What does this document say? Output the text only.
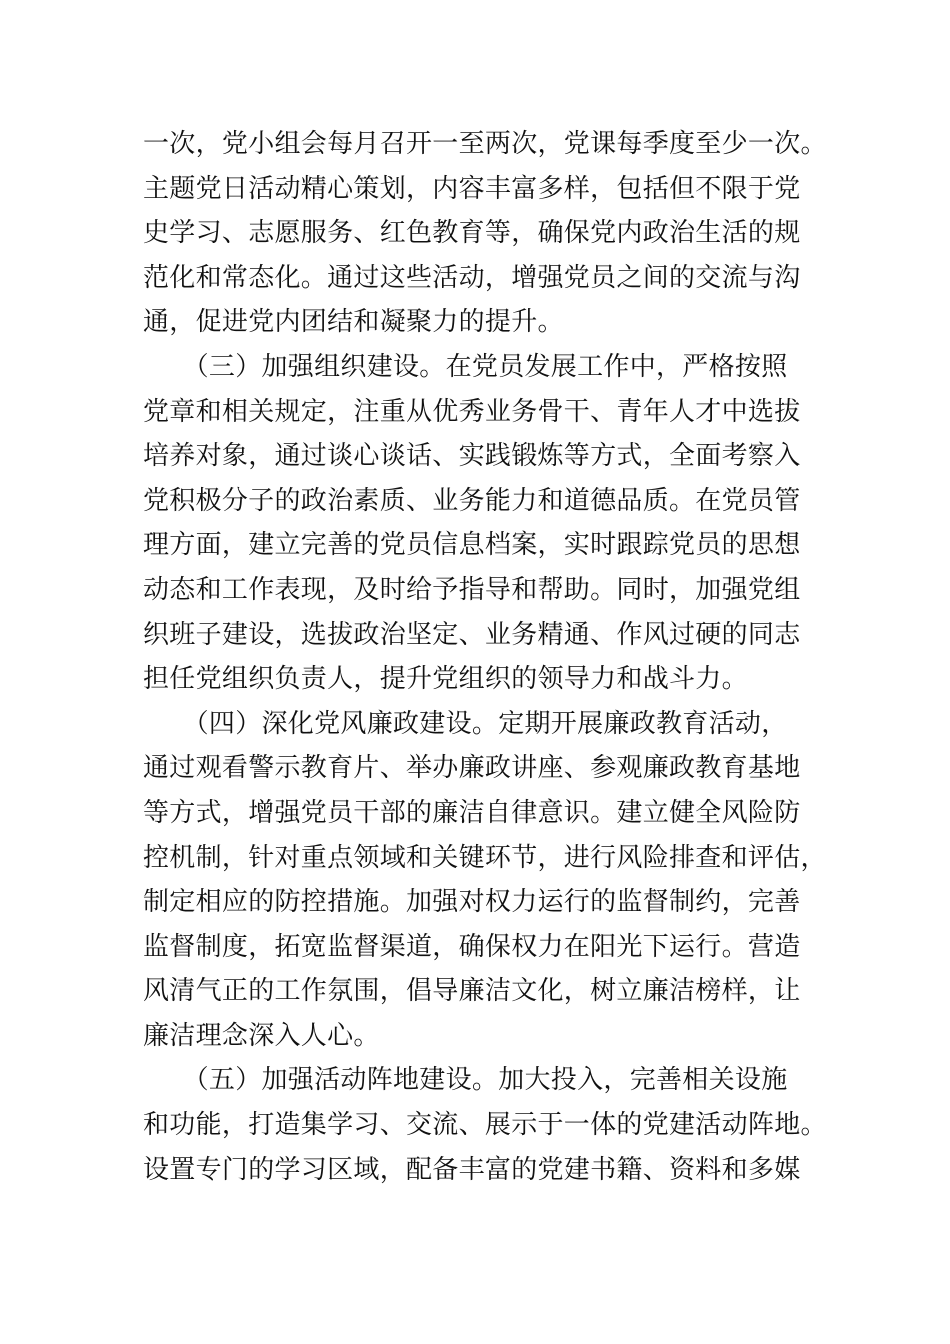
一次，党小组会每月召开一至两次，党课每季度至少一次。
主题党日活动精心策划，内容丰富多样，包括但不限于党
史学习、志愿服务、红色教育等，确保党内政治生活的规
范化和常态化。通过这些活动，增强党员之间的交流与沟
通，促进党内团结和凝聚力的提升。
　　（三）加强组织建设。在党员发展工作中，严格按照
党章和相关规定，注重从优秀业务骨干、青年人才中选拔
培养对象，通过谈心谈话、实践锻炼等方式，全面考察入
党积极分子的政治素质、业务能力和道德品质。在党员管
理方面，建立完善的党员信息档案，实时跟踪党员的思想
动态和工作表现，及时给予指导和帮助。同时，加强党组
织班子建设，选拔政治坚定、业务精通、作风过硬的同志
担任党组织负责人，提升党组织的领导力和战斗力。
　　（四）深化党风廉政建设。定期开展廉政教育活动，
通过观看警示教育片、举办廉政讲座、参观廉政教育基地
等方式，增强党员干部的廉洁自律意识。建立健全风险防
控机制，针对重点领域和关键环节，进行风险排查和评估，
制定相应的防控措施。加强对权力运行的监督制约，完善
监督制度，拓宽监督渠道，确保权力在阳光下运行。营造
风清气正的工作氛围，倡导廉洁文化，树立廉洁榜样，让
廉洁理念深入人心。
　　（五）加强活动阵地建设。加大投入，完善相关设施
和功能，打造集学习、交流、展示于一体的党建活动阵地。
设置专门的学习区域，配备丰富的党建书籍、资料和多媒
